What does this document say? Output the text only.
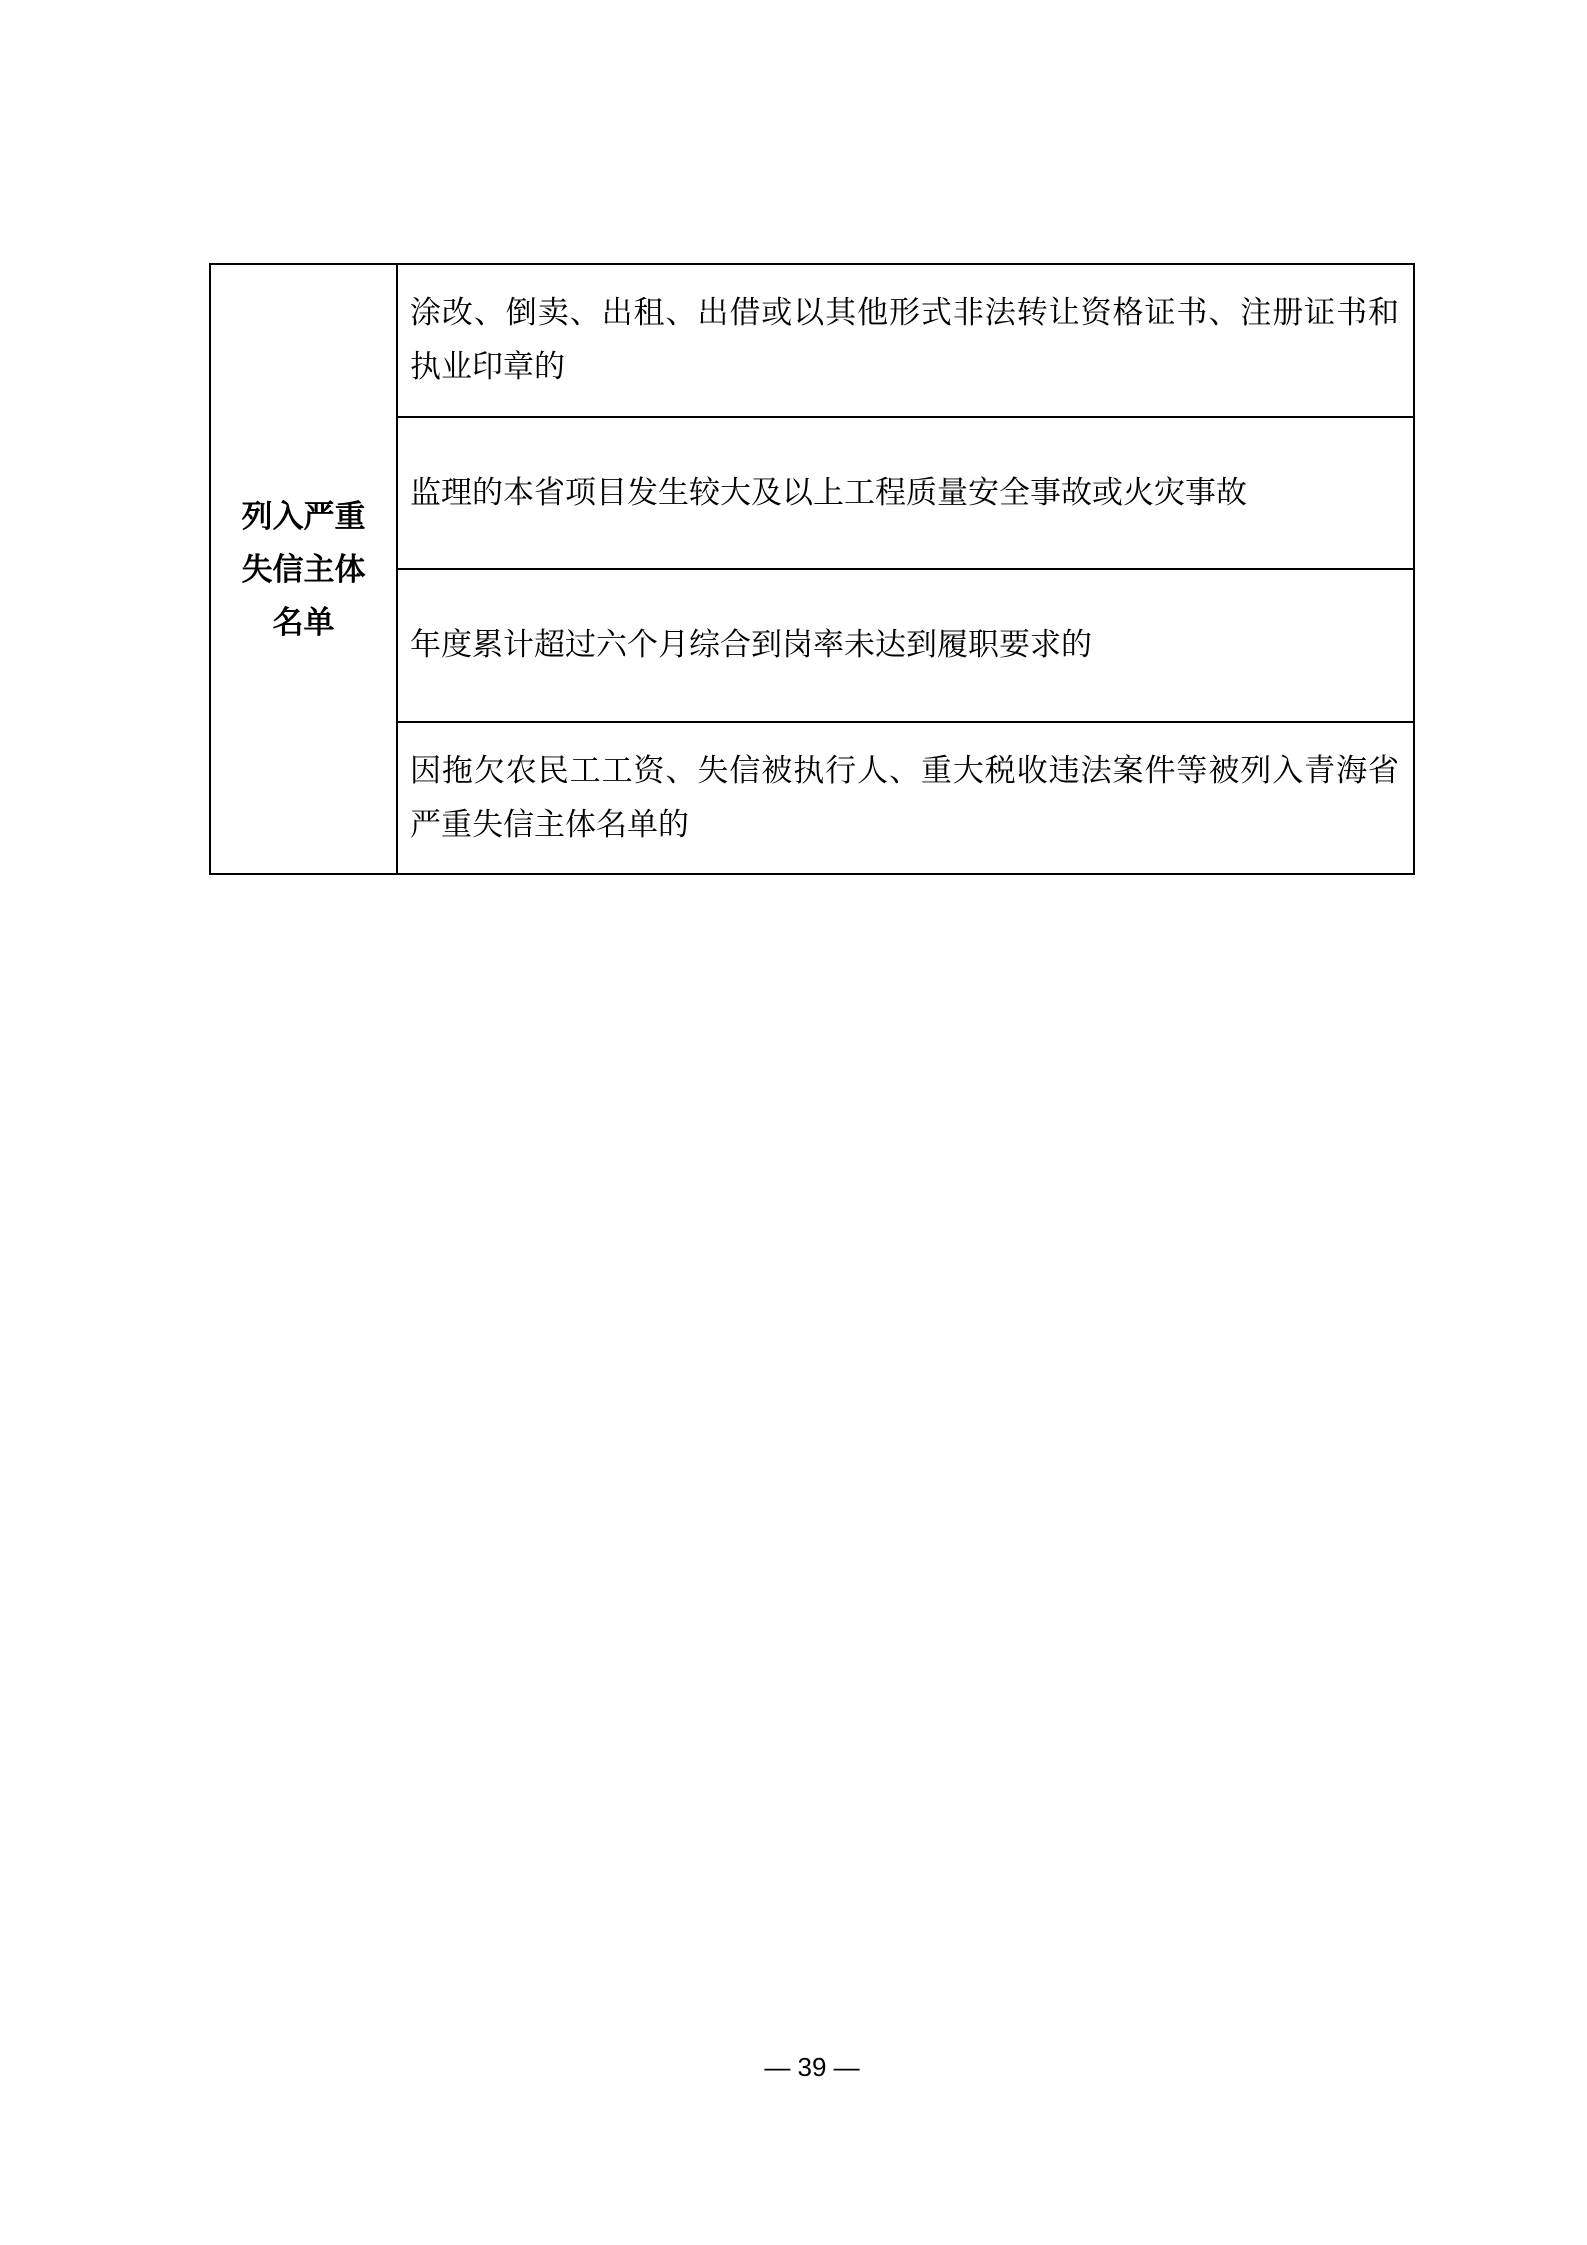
列入严重失信主体名单
涂改、倒卖、出租、出借或以其他形式非法转让资格证书、注册证书和执业印章的
监理的本省项目发生较大及以上工程质量安全事故或火灾事故
年度累计超过六个月综合到岗率未达到履职要求的
因拖欠农民工工资、失信被执行人、重大税收违法案件等被列入青海省严重失信主体名单的
— 39 —
